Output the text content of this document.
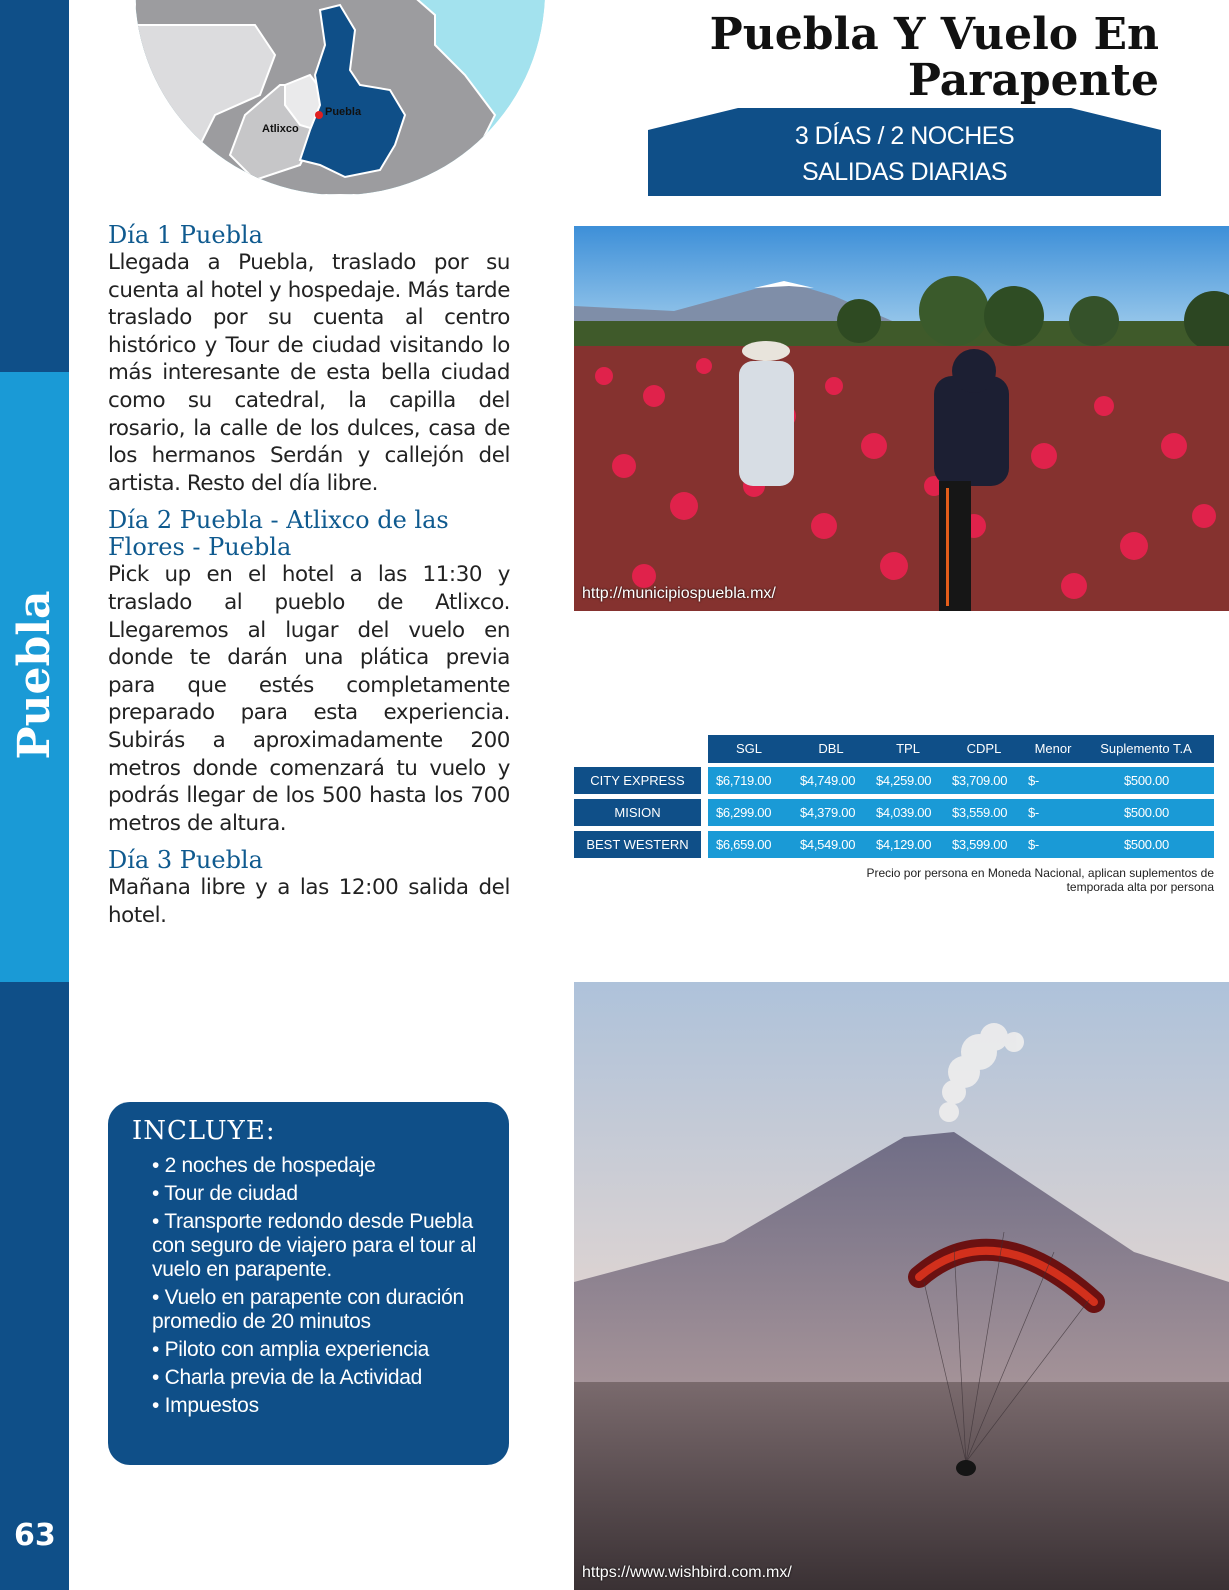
Puebla
63
Puebla
Atlixco
Puebla Y Vuelo En
Parapente
3 DÍAS / 2 NOCHES
SALIDAS DIARIAS
Día 1 Puebla

Llegada a Puebla, traslado por su cuenta al hotel y hospedaje. Más tarde traslado por su cuenta al centro histórico y Tour de ciudad visitando lo más interesante de esta bella ciudad como su catedral, la capilla del rosario, la calle de los dulces, casa de los hermanos Serdán y callejón del artista. Resto del día libre.

Día 2 Puebla - Atlixco de las Flores - Puebla

Pick up en el hotel a las 11:30 y traslado al pueblo de Atlixco. Llegaremos al lugar del vuelo en donde te darán una plática previa para que estés completamente preparado para esta experiencia. Subirás a aproximadamente 200 metros donde comenzará tu vuelo y podrás llegar de los 500 hasta los 700 metros de altura.

Día 3 Puebla

Mañana libre y a las 12:00 salida del hotel.

http://municipiospuebla.mx/
SGL	DBL	TPL	CDPL	Menor	Suplemento T.A
CITY EXPRESS	$6,719.00 $4,749.00 $4,259.00 $3,709.00 $-	$500.00
MISION	$6,299.00 $4,379.00 $4,039.00 $3,559.00 $-	$500.00
BEST WESTERN	$6,659.00 $4,549.00 $4,129.00 $3,599.00 $-	$500.00
Precio por persona en Moneda Nacional, aplican suplementos de
temporada alta por persona
INCLUYE:
• 2 noches de hospedaje
• Tour de ciudad
• Transporte redondo desde Puebla con seguro de viajero para el tour al vuelo en parapente.
• Vuelo en parapente con duración promedio de 20 minutos
• Piloto con amplia experiencia
• Charla previa de la Actividad
• Impuestos
https://www.wishbird.com.mx/
